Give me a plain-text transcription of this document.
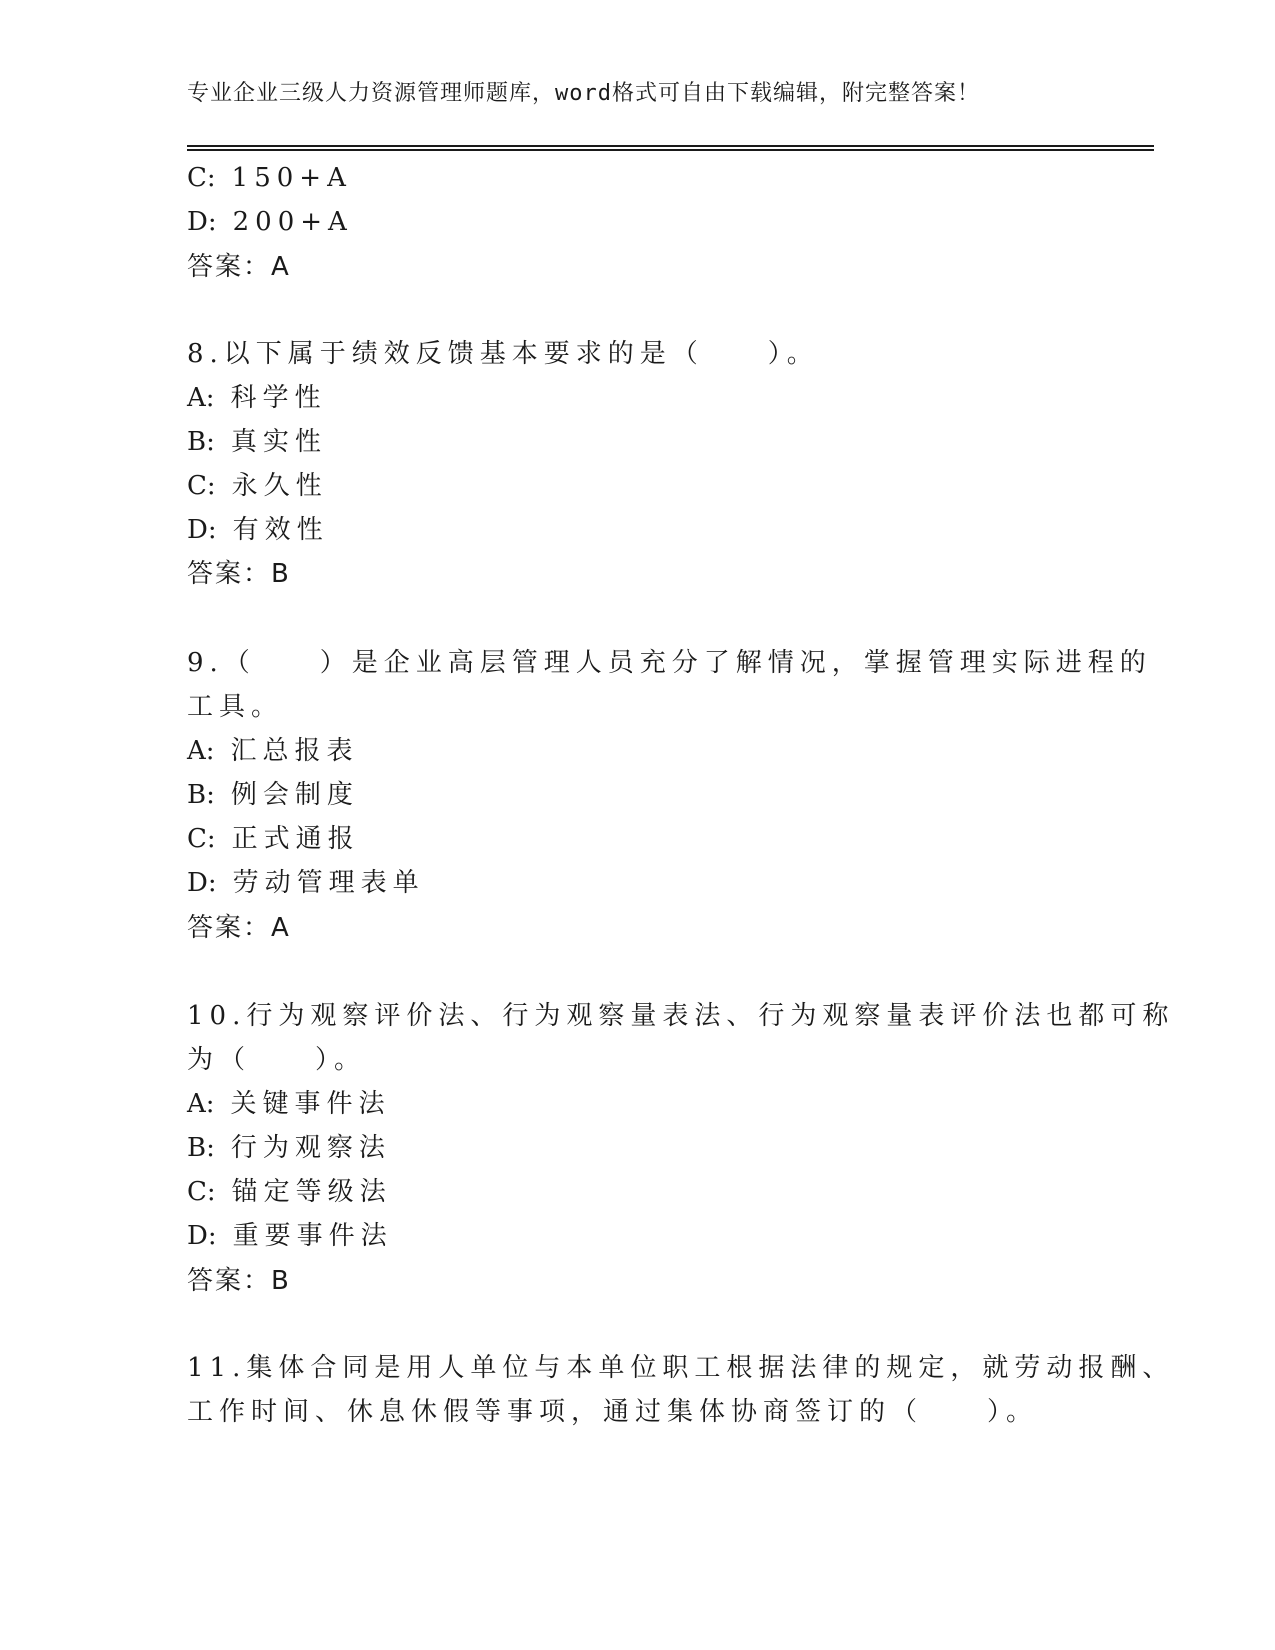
专业企业三级人力资源管理师题库，word格式可自由下载编辑，附完整答案！
C: 150+A
D: 200+A
答案：A
8.以下属于绩效反馈基本要求的是（　　）。
A: 科学性
B: 真实性
C: 永久性
D: 有效性
答案：B
9.（　　）是企业高层管理人员充分了解情况，掌握管理实际进程的
工具。
A: 汇总报表
B: 例会制度
C: 正式通报
D: 劳动管理表单
答案：A
10.行为观察评价法、行为观察量表法、行为观察量表评价法也都可称
为（　　）。
A: 关键事件法
B: 行为观察法
C: 锚定等级法
D: 重要事件法
答案：B
11.集体合同是用人单位与本单位职工根据法律的规定，就劳动报酬、
工作时间、休息休假等事项，通过集体协商签订的（　　）。
